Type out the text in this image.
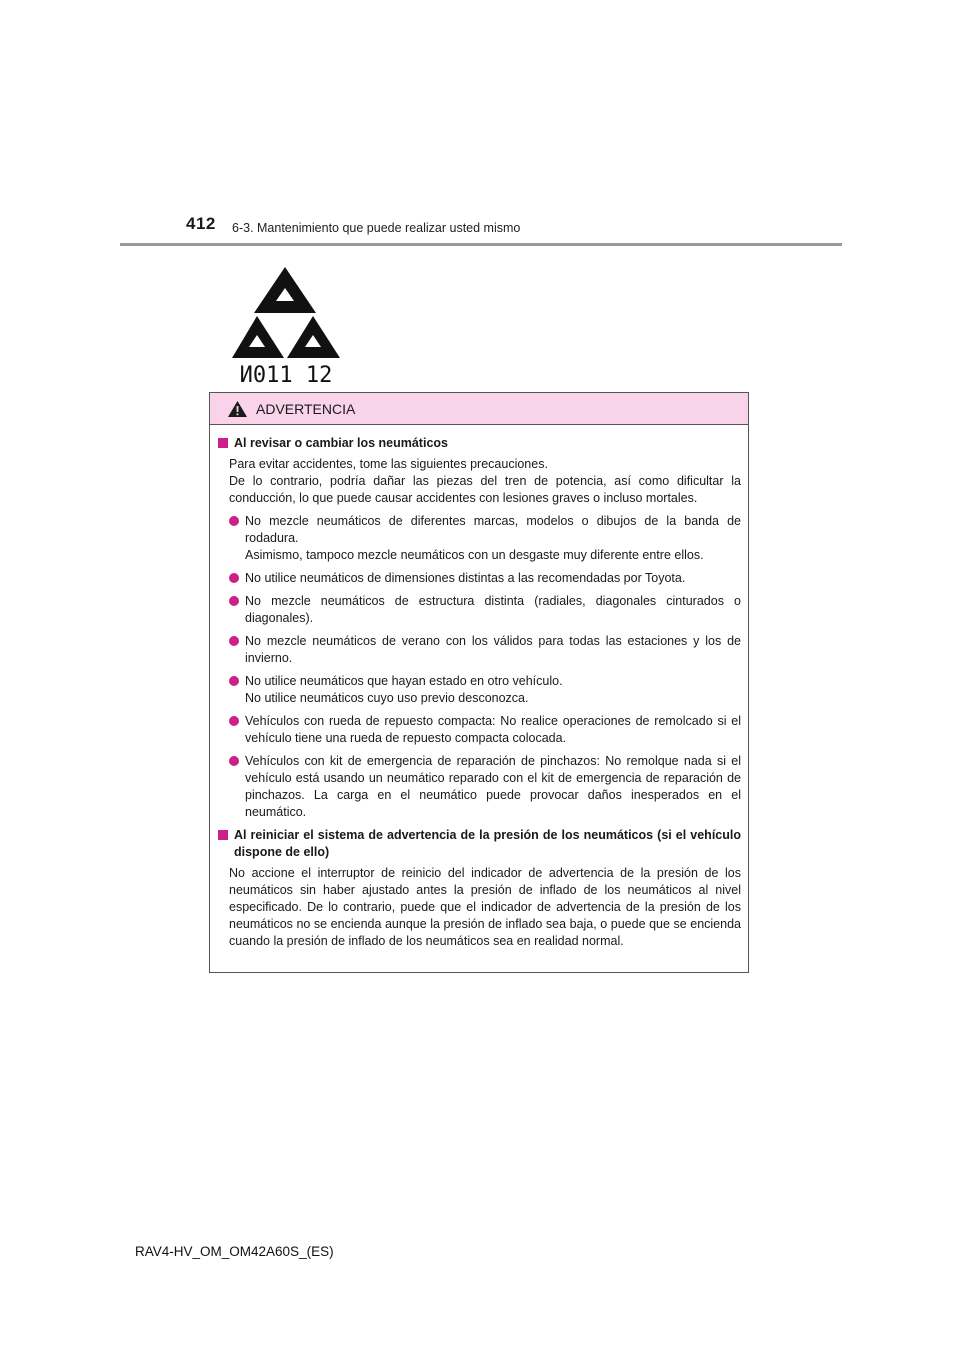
412 6-3. Mantenimiento que puede realizar usted mismo
И011 12
ADVERTENCIA
Al revisar o cambiar los neumáticos
Para evitar accidentes, tome las siguientes precauciones.
De lo contrario, podría dañar las piezas del tren de potencia, así como dificultar la conducción, lo que puede causar accidentes con lesiones graves o incluso mortales.
No mezcle neumáticos de diferentes marcas, modelos o dibujos de la banda de rodadura.
Asimismo, tampoco mezcle neumáticos con un desgaste muy diferente entre ellos.
No utilice neumáticos de dimensiones distintas a las recomendadas por Toyota.
No mezcle neumáticos de estructura distinta (radiales, diagonales cinturados o diagonales).
No mezcle neumáticos de verano con los válidos para todas las estaciones y los de invierno.
No utilice neumáticos que hayan estado en otro vehículo.
No utilice neumáticos cuyo uso previo desconozca.
Vehículos con rueda de repuesto compacta: No realice operaciones de remolcado si el vehículo tiene una rueda de repuesto compacta colocada.
Vehículos con kit de emergencia de reparación de pinchazos: No remolque nada si el vehículo está usando un neumático reparado con el kit de emergencia de reparación de pinchazos. La carga en el neumático puede provocar daños inesperados en el neumático.
Al reiniciar el sistema de advertencia de la presión de los neumáticos (si el vehículo dispone de ello)
No accione el interruptor de reinicio del indicador de advertencia de la presión de los neumáticos sin haber ajustado antes la presión de inflado de los neumáticos al nivel especificado. De lo contrario, puede que el indicador de advertencia de la presión de los neumáticos no se encienda aunque la presión de inflado sea baja, o puede que se encienda cuando la presión de inflado de los neumáticos sea en realidad normal.
RAV4-HV_OM_OM42A60S_(ES)
